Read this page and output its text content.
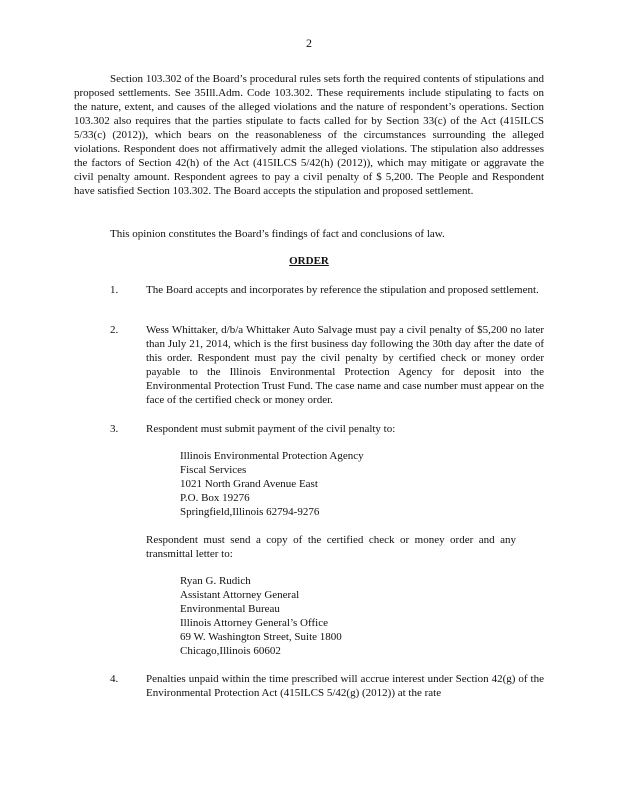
2
Section 103.302 of the Board’s procedural rules sets forth the required contents of stipulations and proposed settlements. See 35Ill.Adm. Code 103.302. These requirements include stipulating to facts on the nature, extent, and causes of the alleged violations and the nature of respondent’s operations. Section 103.302 also requires that the parties stipulate to facts called for by Section 33(c) of the Act (415ILCS 5/33(c) (2012)), which bears on the reasonableness of the circumstances surrounding the alleged violations. Respondent does not affirmatively admit the alleged violations. The stipulation also addresses the factors of Section 42(h) of the Act (415ILCS 5/42(h) (2012)), which may mitigate or aggravate the civil penalty amount. Respondent agrees to pay a civil penalty of $ 5,200. The People and Respondent have satisfied Section 103.302. The Board accepts the stipulation and proposed settlement.
This opinion constitutes the Board’s findings of fact and conclusions of law.
ORDER
1.	The Board accepts and incorporates by reference the stipulation and proposed settlement.
2.	Wess Whittaker, d/b/a Whittaker Auto Salvage must pay a civil penalty of $5,200 no later than July 21, 2014, which is the first business day following the 30th day after the date of this order. Respondent must pay the civil penalty by certified check or money order payable to the Illinois Environmental Protection Agency for deposit into the Environmental Protection Trust Fund. The case name and case number must appear on the face of the certified check or money order.
3.	Respondent must submit payment of the civil penalty to:
Illinois Environmental Protection Agency
Fiscal Services
1021 North Grand Avenue East
P.O. Box 19276
Springfield,Illinois 62794-9276
Respondent must send a copy of the certified check or money order and any transmittal letter to:
Ryan G. Rudich
Assistant Attorney General
Environmental Bureau
Illinois Attorney General’s Office
69 W. Washington Street, Suite 1800
Chicago,Illinois 60602
4.	Penalties unpaid within the time prescribed will accrue interest under Section 42(g) of the Environmental Protection Act (415ILCS 5/42(g) (2012)) at the rate
